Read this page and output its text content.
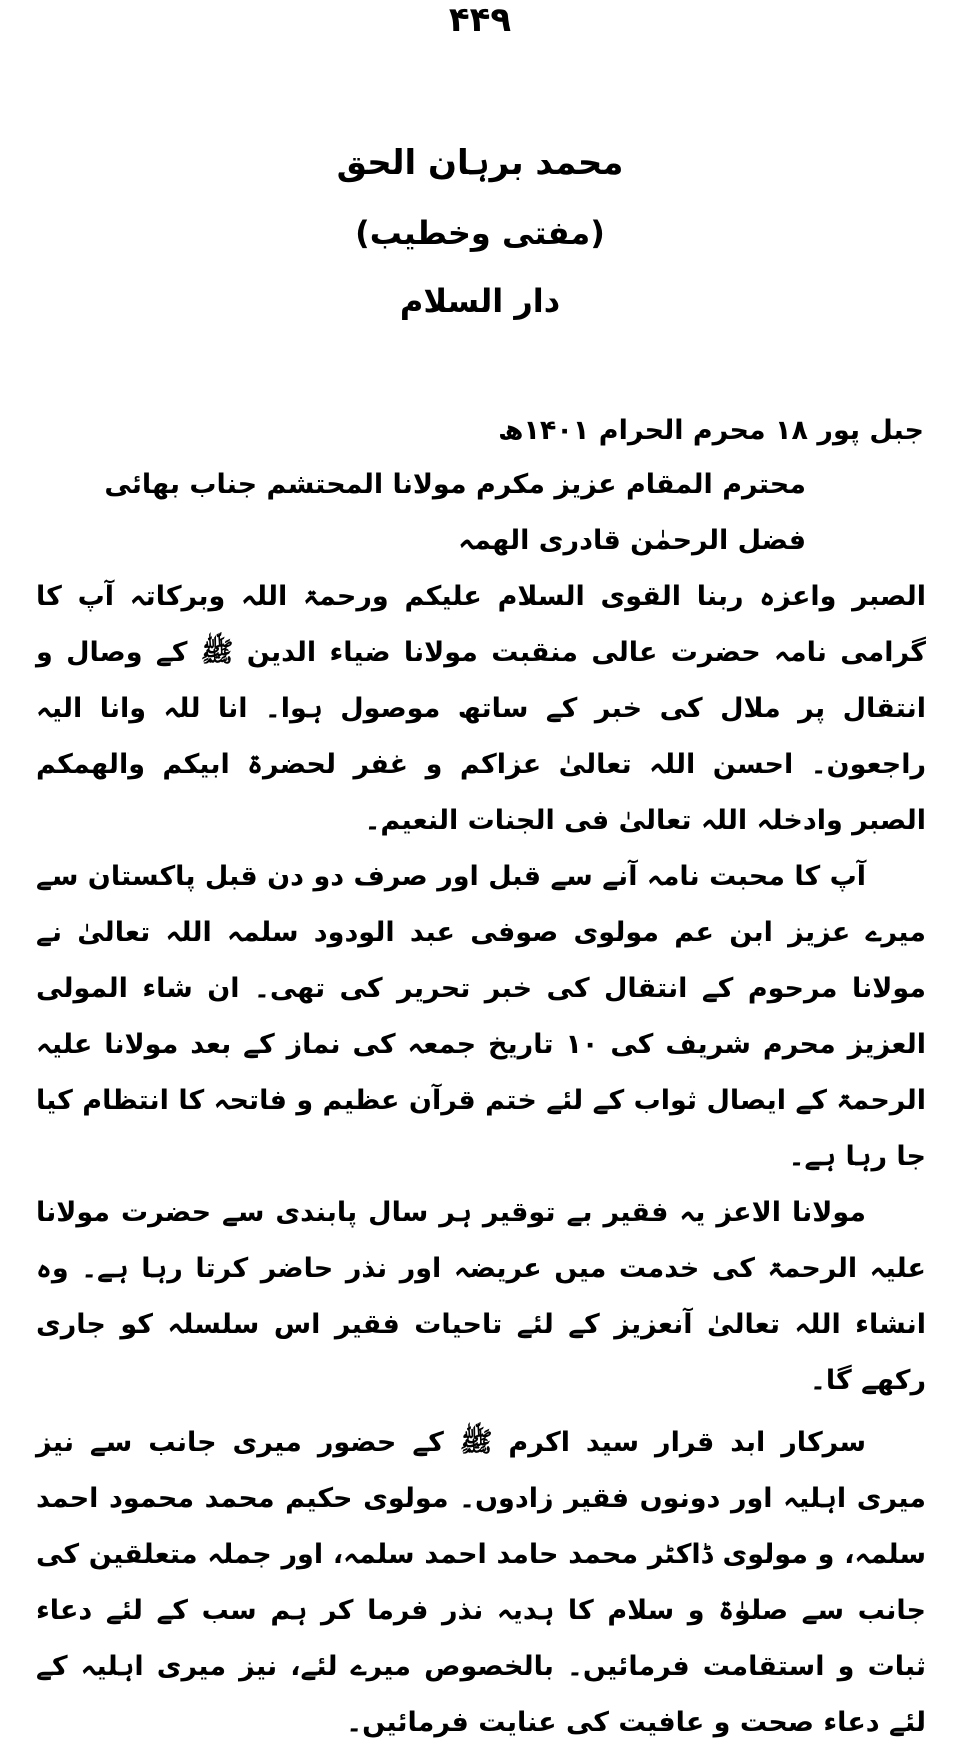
۴۴۹
محمد برہان الحق
(مفتی وخطیب)
دار السلام
جبل پور ۱۸ محرم الحرام ۱۴۰۱ھ
محترم المقام عزیز مکرم مولانا المحتشم جناب بھائی فضل الرحمٰن قادری الھمہ

الصبر واعزہ ربنا القوی السلام علیکم ورحمۃ اللہ وبرکاتہ آپ کا گرامی نامہ حضرت عالی منقبت مولانا ضیاء الدین ﷺ کے وصال و انتقال پر ملال کی خبر کے ساتھ موصول ہوا۔ انا للہ وانا الیہ راجعون۔ احسن اللہ تعالیٰ عزاکم و غفر لحضرۃ ابیکم والھمکم الصبر وادخلہ اللہ تعالیٰ فی الجنات النعیم۔

آپ کا محبت نامہ آنے سے قبل اور صرف دو دن قبل پاکستان سے میرے عزیز ابن عم مولوی صوفی عبد الودود سلمہ اللہ تعالیٰ نے مولانا مرحوم کے انتقال کی خبر تحریر کی تھی۔ ان شاء المولی العزیز محرم شریف کی ۱۰ تاریخ جمعہ کی نماز کے بعد مولانا علیہ الرحمۃ کے ایصال ثواب کے لئے ختم قرآن عظیم و فاتحہ کا انتظام کیا جا رہا ہے۔

مولانا الاعز یہ فقیر بے توقیر ہر سال پابندی سے حضرت مولانا علیہ الرحمۃ کی خدمت میں عریضہ اور نذر حاضر کرتا رہا ہے۔ وہ انشاء اللہ تعالیٰ آنعزیز کے لئے تاحیات فقیر اس سلسلہ کو جاری رکھے گا۔

سرکار ابد قرار سید اکرم ﷺ کے حضور میری جانب سے نیز میری اہلیہ اور دونوں فقیر زادوں۔ مولوی حکیم محمد محمود احمد سلمہ، و مولوی ڈاکٹر محمد حامد احمد سلمہ، اور جملہ متعلقین کی جانب سے صلوٰۃ و سلام کا ہدیہ نذر فرما کر ہم سب کے لئے دعاء ثبات و استقامت فرمائیں۔ بالخصوص میرے لئے، نیز میری اہلیہ کے لئے دعاء صحت و عافیت کی عنایت فرمائیں۔
